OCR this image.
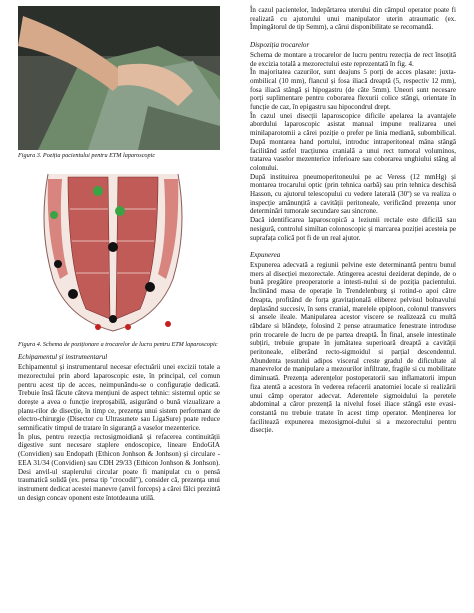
Figura 3. Poziția pacientului pentru ETM laparoscopic
Figura 4. Schema de poziționare a trocarelor de lucru pentru ETM laparoscopic
Echipamentul și instrumentarul

Echipamentul și instrumentarul necesar efectuării unei excizii totale a mezorectului prin abord laparoscopic este, în principal, cel comun pentru acest tip de acces, neimpunându-se o configurație dedicată. Trebuie însă făcute câteva mențiuni de aspect tehnic: sistemul optic se dorește a avea o funcție ireproșabilă, asigurând o bună vizualizare a planu-rilor de disecție, în timp ce, prezența unui sistem performant de electro-chirurgie (Disector cu Ultrasunete sau LigaSure) poate reduce semnificativ timpul de tratare în siguranță a vaselor mezenterice.

În plus, pentru rezecția rectosigmoidiană și refacerea continuității digestive sunt necesare staplere endoscopice, lineare EndoGIA (Convidien) sau Endopath (Ethicon Jonhson & Jonhson) și circulare - EEA 31/34 (Convidien) sau CDH 29/33 (Ethicon Jonhson & Jonhson). Desi anvil-ul staplerului circular poate fi manipulat cu o pensă traumatică solidă (ex. pensa tip "crocodil"), consider că, prezența unui instrument dedicat acestei manevre (anvil forceps) a cărei fălci prezintă un design concav oponent este întotdeauna utilă.

În cazul pacientelor, îndepărtarea uterului din câmpul operator poate fi realizată cu ajutorului unui manipulator uterin atraumatic (ex. Împingătorul de tip Semm), a cărui disponibilitate se recomandă.

Dispoziția trocarelor

Schema de montare a trocarelor de lucru pentru rezecția de rect însoțită de excizia totală a mezorectului este reprezentată în fig. 4.

În majoritatea cazurilor, sunt deajuns 5 porți de acces plasate: juxta-ombilical (10 mm), flancul și fosa iliacă dreaptă (5, respectiv 12 mm), fosa iliacă stângă și hipogastru (de câte 5mm). Uneori sunt necesare porți suplimentare pentru coborarea flexurii colice stângi, orientate în funcție de caz, în epigastru sau hipocondrul drept.

În cazul unei disecții laparoscopice dificile apelarea la avantajele abordului laparoscopic asistat manual impune realizarea unei minilaparotomii a cărei poziție o prefer pe linia mediană, subombilical. După montarea hand portului, introduc intraperitoneal mâna stângă facilitând astfel tracțiunea cranială a unui rect tumoral voluminos, tratarea vaselor mezenterice inferioare sau coborarea unghiului stâng al colonului.

După instituirea pneumoperitoneului pe ac Veress (12 mmHg) și montarea trocarului optic (prin tehnica oarbă) sau prin tehnica deschisă Hasson, cu ajutorul telescopului cu vedere laterală (30º) se va realiza o inspecție amănunțită a cavității peritoneale, verificând prezența unor determinări tumorale secundare sau sincrone.

Dacă identificarea laparoscopică a leziunii rectale este dificilă sau nesigură, controlul similtan colonoscopic și marcarea poziției acesteia pe suprafața colică pot fi de un real ajutor.

Expunerea

Expunerea adecvată a regiunii pelvine este determinantă pentru bunul mers al disecției mezorectale. Atingerea acestui deziderat depinde, de o bună pregătire preoperatorie a intesti-nului si de poziția pacientului. Înclinând masa de operație în Trendelenburg și rotind-o apoi către dreapta, profitând de forța gravitațională eliberez pelvisul bolnavului deplasând succesiv, în sens cranial, marelele epiploon, colonul transvers si ansele ileale. Manipularea acestor viscere se realizează cu multă răbdare si blândețe, folosind 2 pense atraumatice fenestrate introduse prin trocarele de lucru de pe partea dreaptă. În final, ansele intestinale subțiri, trebuie grupate în jumătatea superioară dreaptă a cavității peritoneale, eliberând recto-sigmoidul si parțial descendentul. Abundenta țesutului adipos visceral creste gradul de dificultate al manevrelor de manipulare a mezourilor infiltrate, fragile si cu mobilitate diminuată. Prezența aderențelor postoperatorii sau inflamatorii impun fiza atentă a acestora în vederea refacerii anatomiei locale si realizării unui câmp operator adecvat. Aderentele sigmoidului la peretele abdominal a căror prezență la nivelul fosei iliace stângă este evasi-constantă nu trebuie tratate în acest timp operator. Menținerea lor facilitează expunerea mezosigmoi-dului si a mezorectului pentru disecție.
